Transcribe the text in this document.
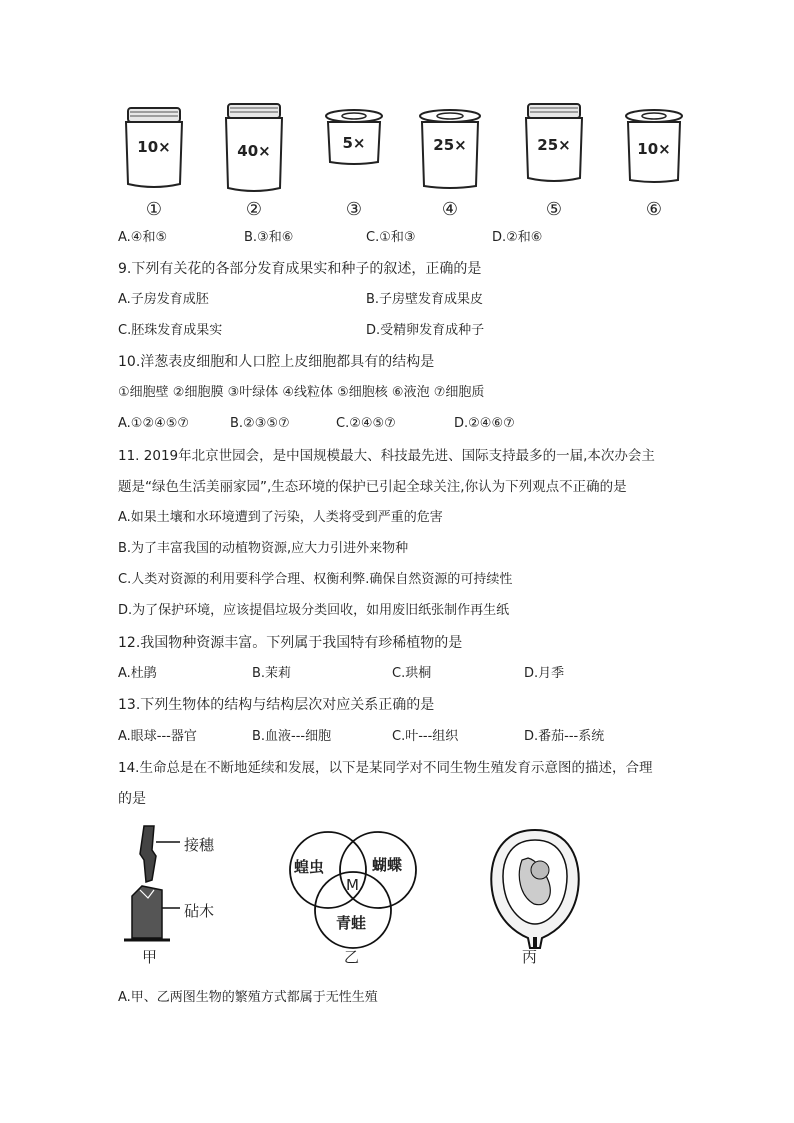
10×
①
40×
②
5×
③
25×
④
25×
⑤
10×
⑥
A.④和⑤	B.③和⑥	C.①和③	D.②和⑥
9.下列有关花的各部分发育成果实和种子的叙述，正确的是
A.子房发育成胚	B.子房壁发育成果皮
C.胚珠发育成果实	D.受精卵发育成种子
10.洋葱表皮细胞和人口腔上皮细胞都具有的结构是
①细胞壁 ②细胞膜 ③叶绿体 ④线粒体 ⑤细胞核 ⑥液泡 ⑦细胞质
A.①②④⑤⑦	B.②③⑤⑦	C.②④⑤⑦	D.②④⑥⑦
11. 2019年北京世园会，是中国规模最大、科技最先进、国际支持最多的一届,本次办会主
题是“绿色生活美丽家园”,生态环境的保护已引起全球关注,你认为下列观点不正确的是
A.如果土壤和水环境遭到了污染，人类将受到严重的危害
B.为了丰富我国的动植物资源,应大力引进外来物种
C.人类对资源的利用要科学合理、权衡利弊.确保自然资源的可持续性
D.为了保护环境，应该提倡垃圾分类回收，如用废旧纸张制作再生纸
12.我国物种资源丰富。下列属于我国特有珍稀植物的是
A.杜鹃	B.茉莉	C.珙桐	D.月季
13.下列生物体的结构与结构层次对应关系正确的是
A.眼球---器官	B.血液---细胞	C.叶---组织	D.番茄---系统
14.生命总是在不断地延续和发展，以下是某同学对不同生物生殖发育示意图的描述，合理
的是
接穗
砧木
甲
蝗虫	蝴蝶
M
青蛙
乙	丙
A.甲、乙两图生物的繁殖方式都属于无性生殖
